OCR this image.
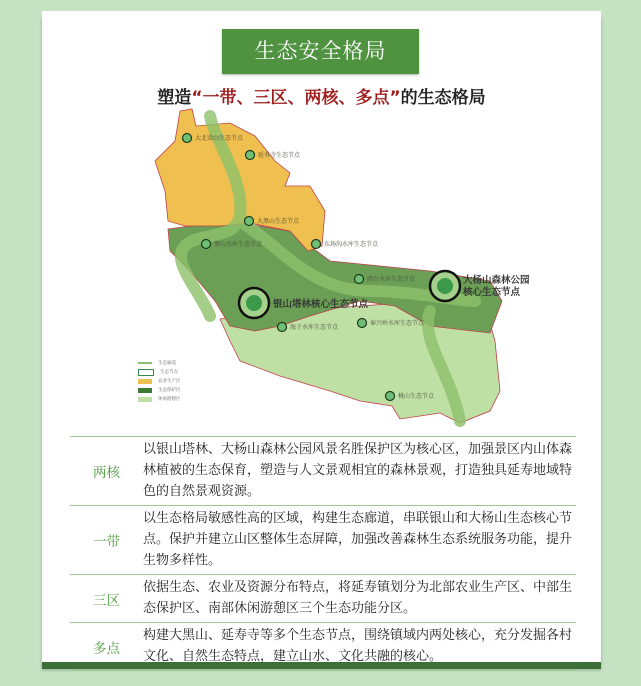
生态安全格局
塑造“一带、三区、两核、多点”的生态格局
大北梁山生态节点
延寿寺生态节点
大黑山生态节点
黑山水库生态节点	东场沟水库生态节点
西台水库生态节点
海子水库生态节点
奉兴岭水库生态节点
桃山生态节点
银山塔林核心生态节点
大杨山森林公园
核心生态节点
生态廊道
生态节点
农业生产区
生态保护区
休闲游憩区
两核
以银山塔林、大杨山森林公园风景名胜保护区为核心区，加强景区内山体森林植被的生态保育，塑造与人文景观相宜的森林景观，打造独具延寿地域特色的自然景观资源。
一带
以生态格局敏感性高的区域，构建生态廊道，串联银山和大杨山生态核心节点。保护并建立山区整体生态屏障，加强改善森林生态系统服务功能，提升生物多样性。
三区
依据生态、农业及资源分布特点，将延寿镇划分为北部农业生产区、中部生态保护区、南部休闲游憩区三个生态功能分区。
多点
构建大黑山、延寿寺等多个生态节点，围绕镇域内两处核心，充分发掘各村文化、自然生态特点，建立山水、文化共融的核心。
